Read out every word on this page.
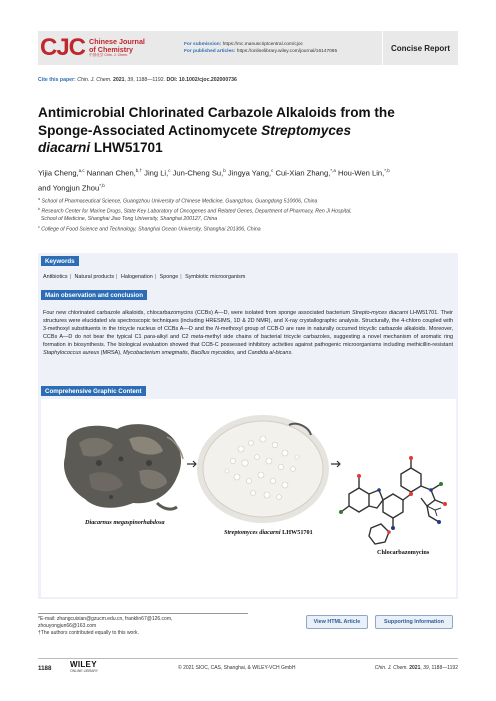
CJC Chinese Journal
of Chemistry
中国化学 Chin. J. Chem.
For submission: https://mc.manuscriptcentral.com/cjoc
For published articles: https://onlinelibrary.wiley.com/journal/16147065	Concise Report
Cite this paper: Chin. J. Chem. 2021, 39, 1188—1192. DOI: 10.1002/cjoc.202000736
Antimicrobial Chlorinated Carbazole Alkaloids from the
Sponge-Associated Actinomycete Streptomyces
diacarni LHW51701
Yijia Cheng,$^{a,c}$ Nannan Chen,$^{b,\dagger}$ Jing Li,$^c$ Jun-Cheng Su,$^b$ Jingya Yang,$^c$ Cui-Xian Zhang,$^{*,a}$ Hou-Wen Lin,$^{*,b}$
and Yongjun Zhou$^{*,b}$
$^a$ School of Pharmaceutical Science, Guangzhou University of Chinese Medicine, Guangzhou, Guangdong 510006, China
$^b$ Research Center for Marine Drugs, State Key Laboratory of Oncogenes and Related Genes, Department of Pharmacy, Ren Ji Hospital,
School of Medicine, Shanghai Jiao Tong University, Shanghai 200127, China
$^c$ College of Food Science and Technology, Shanghai Ocean University, Shanghai 201306, China
Keywords
Antibiotics | Natural products | Halogenation | Sponge | Symbiotic microorganism
Main observation and conclusion
Four new chlorinated carbazole alkaloids, chlocarbazomycins (CCBs) A—D, were isolated from sponge associated bacterium Strepto-myces diacarni LHW51701. Their structures were elucidated via spectroscopic techniques (including HRESIMS, 1D & 2D NMR), and X-ray crystallographic analysis. Structurally, the 4-chloro coupled with 3-methoxyl substituents in the tricycle nucleus of CCBs A—D and the N-methoxyl group of CCB-D are rare in naturally occurred tricyclic carbazole alkaloids. Moreover, CCBs A—D do not bear the typical C1 para-alkyl and C2 meta-methyl side chains of bacterial tricycle carbazoles, suggesting a novel mechanism of aromatic ring formation in biosynthesis. The biological evaluation showed that CCB-C possessed inhibitory activities against pathogenic microorganisms including methicillin-resistant Staphylococcus aureus (MRSA), Mycobacterium smegmatis, Bacillus mycoides, and Candida al-bicans.
Comprehensive Graphic Content
Diacarnus megaspinorhabdosa
Streptomyces diacarni LHW51701
Chlocarbazomycins
*E-mail: zhangcuixian@gzucm.edu.cn, franklin67@126.com,
zhouyongjun66@163.com
†The authors contributed equally to this work.
View HTML Article	Supporting Information
1188 WILEY
ONLINE LIBRARY	© 2021 SIOC, CAS, Shanghai, & WILEY-VCH GmbH	Chin. J. Chem. 2021, 39, 1188—1192
